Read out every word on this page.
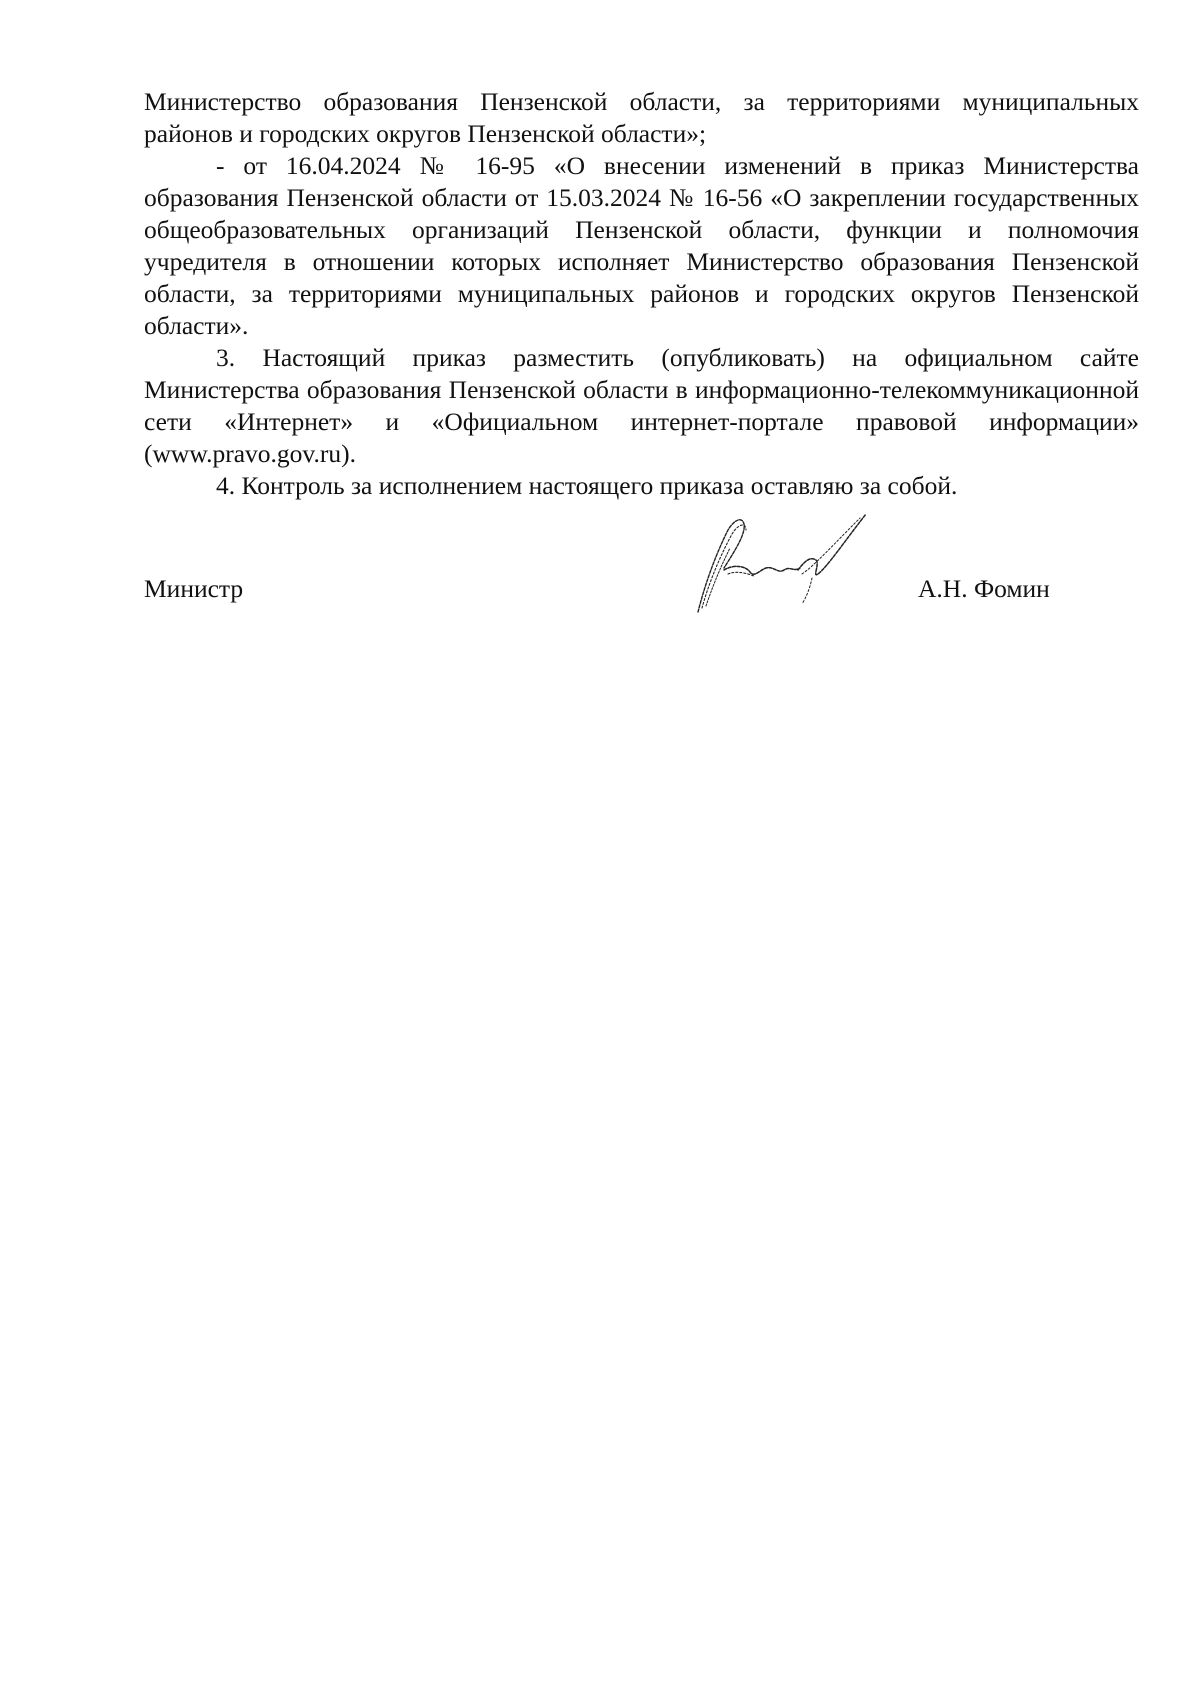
Министерство образования Пензенской области, за территориями муниципальных районов и городских округов Пензенской области»;

- от 16.04.2024 № 16-95 «О внесении изменений в приказ Министерства образования Пензенской области от 15.03.2024 № 16-56 «О закреплении государственных общеобразовательных организаций Пензенской области, функции и полномочия учредителя в отношении которых исполняет Министерство образования Пензенской области, за территориями муниципальных районов и городских округов Пензенской области».

3. Настоящий приказ разместить (опубликовать) на официальном сайте Министерства образования Пензенской области в информационно-телекоммуникационной сети «Интернет» и «Официальном интернет-портале правовой информации» (www.pravo.gov.ru).

4. Контроль за исполнением настоящего приказа оставляю за собой.

Министр	А.Н. Фомин
